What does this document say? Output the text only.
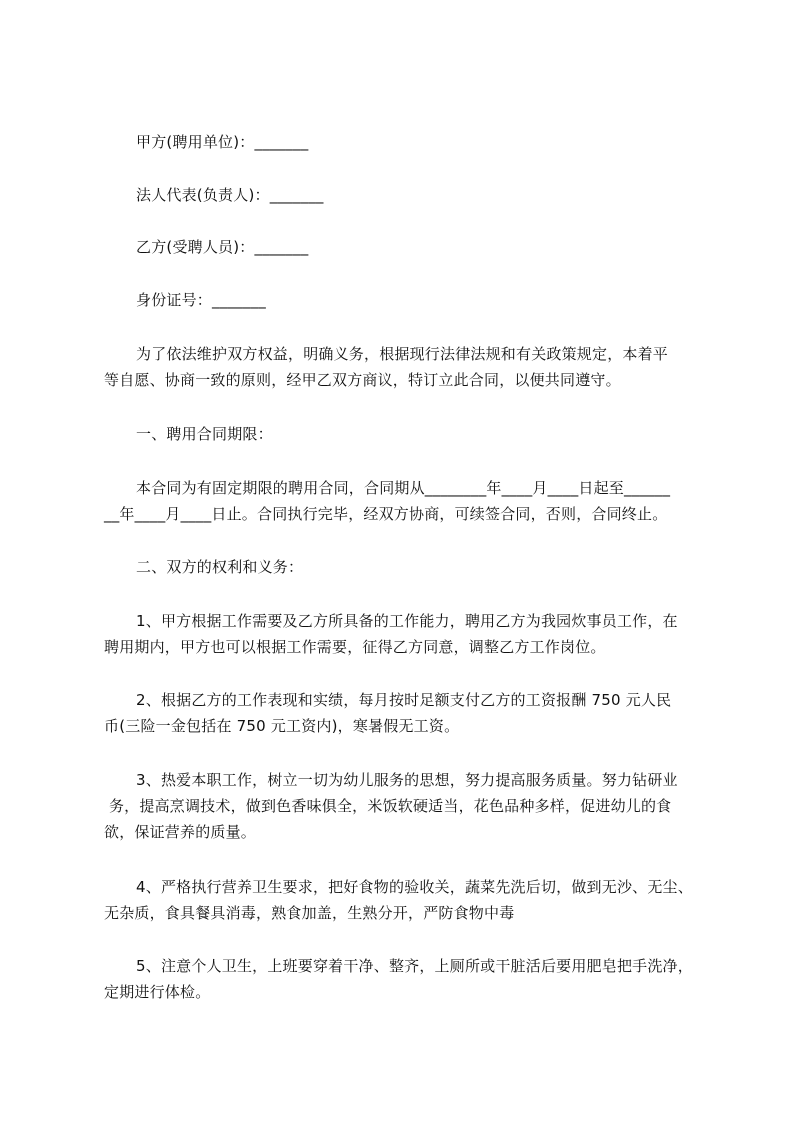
甲方(聘用单位)：_______
法人代表(负责人)：_______
乙方(受聘人员)：_______
身份证号：_______
为了依法维护双方权益，明确义务，根据现行法律法规和有关政策规定，本着平
等自愿、协商一致的原则，经甲乙双方商议，特订立此合同，以便共同遵守。
一、聘用合同期限：
本合同为有固定期限的聘用合同，合同期从________年____月____日起至______
__年____月____日止。合同执行完毕，经双方协商，可续签合同，否则，合同终止。
二、双方的权利和义务：
1、甲方根据工作需要及乙方所具备的工作能力，聘用乙方为我园炊事员工作，在
聘用期内，甲方也可以根据工作需要，征得乙方同意，调整乙方工作岗位。
2、根据乙方的工作表现和实绩，每月按时足额支付乙方的工资报酬 750 元人民
币(三险一金包括在 750 元工资内)，寒暑假无工资。
3、热爱本职工作，树立一切为幼儿服务的思想，努力提高服务质量。努力钻研业
务，提高烹调技术，做到色香味俱全，米饭软硬适当，花色品种多样，促进幼儿的食
欲，保证营养的质量。
4、严格执行营养卫生要求，把好食物的验收关，蔬菜先洗后切，做到无沙、无尘、
无杂质，食具餐具消毒，熟食加盖，生熟分开，严防食物中毒
5、注意个人卫生，上班要穿着干净、整齐，上厕所或干脏活后要用肥皂把手洗净，
定期进行体检。
